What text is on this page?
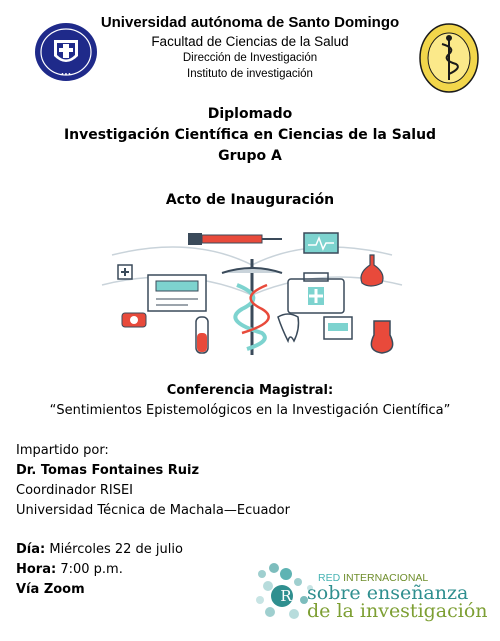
● ● ●
Universidad autónoma de Santo Domingo
Facultad de Ciencias de la Salud
Dirección de Investigación
Instituto de investigación
Diplomado
Investigación Científica en Ciencias de la Salud
Grupo A
Acto de Inauguración
Conferencia Magistral:
“Sentimientos Epistemológicos en la Investigación Científica”
Impartido por:
Dr. Tomas Fontaines Ruiz
Coordinador RISEI
Universidad Técnica de Machala—Ecuador
Día: Miércoles 22 de julio
Hora: 7:00 p.m.
Vía Zoom	R
RED INTERNACIONAL
sobre enseñanza
de la investigación
